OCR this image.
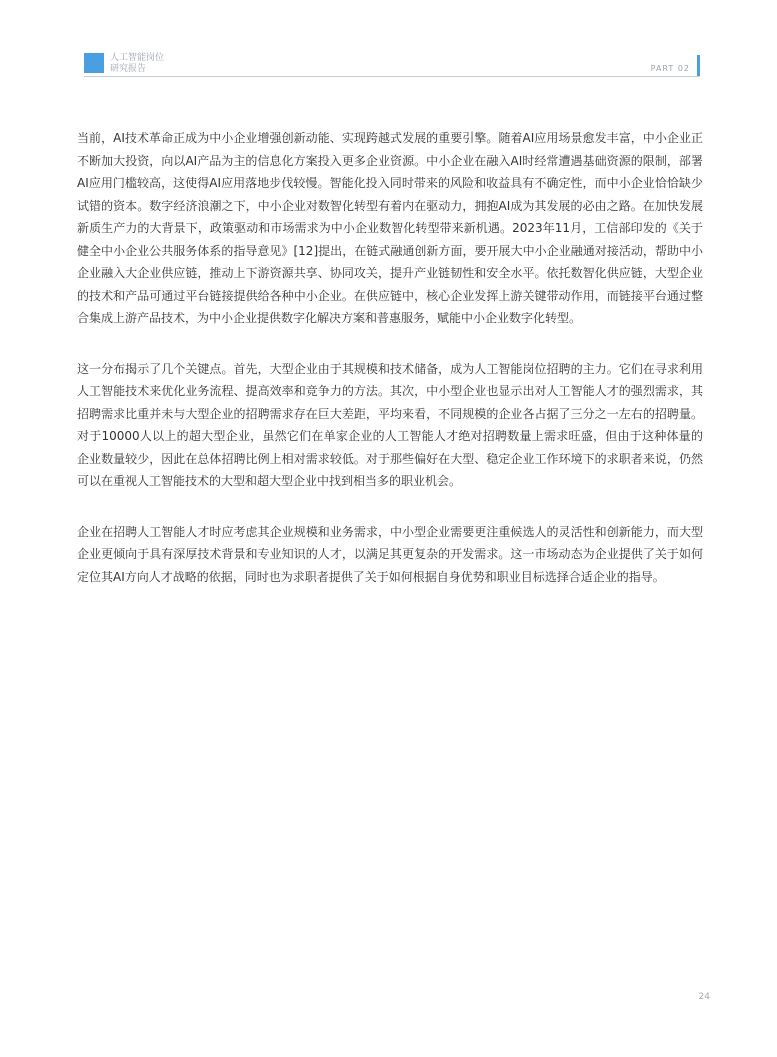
人工智能岗位
研究报告	PART 02

当前，AI技术革命正成为中小企业增强创新动能、实现跨越式发展的重要引擎。随着AI应用场景愈发丰富，中小企业正不断加大投资，向以AI产品为主的信息化方案投入更多企业资源。中小企业在融入AI时经常遭遇基础资源的限制，部署AI应用门槛较高，这使得AI应用落地步伐较慢。智能化投入同时带来的风险和收益具有不确定性，而中小企业恰恰缺少试错的资本。数字经济浪潮之下，中小企业对数智化转型有着内在驱动力，拥抱AI成为其发展的必由之路。在加快发展新质生产力的大背景下，政策驱动和市场需求为中小企业数智化转型带来新机遇。2023年11月，工信部印发的《关于健全中小企业公共服务体系的指导意见》[12]提出，在链式融通创新方面，要开展大中小企业融通对接活动，帮助中小企业融入大企业供应链，推动上下游资源共享、协同攻关，提升产业链韧性和安全水平。依托数智化供应链，大型企业的技术和产品可通过平台链接提供给各种中小企业。在供应链中，核心企业发挥上游关键带动作用，而链接平台通过整合集成上游产品技术，为中小企业提供数字化解决方案和普惠服务，赋能中小企业数字化转型。

这一分布揭示了几个关键点。首先，大型企业由于其规模和技术储备，成为人工智能岗位招聘的主力。它们在寻求利用人工智能技术来优化业务流程、提高效率和竞争力的方法。其次，中小型企业也显示出对人工智能人才的强烈需求，其招聘需求比重并未与大型企业的招聘需求存在巨大差距，平均来看，不同规模的企业各占据了三分之一左右的招聘量。对于10000人以上的超大型企业，虽然它们在单家企业的人工智能人才绝对招聘数量上需求旺盛，但由于这种体量的企业数量较少，因此在总体招聘比例上相对需求较低。对于那些偏好在大型、稳定企业工作环境下的求职者来说，仍然可以在重视人工智能技术的大型和超大型企业中找到相当多的职业机会。

企业在招聘人工智能人才时应考虑其企业规模和业务需求，中小型企业需要更注重候选人的灵活性和创新能力，而大型企业更倾向于具有深厚技术背景和专业知识的人才，以满足其更复杂的开发需求。这一市场动态为企业提供了关于如何定位其AI方向人才战略的依据，同时也为求职者提供了关于如何根据自身优势和职业目标选择合适企业的指导。

24
